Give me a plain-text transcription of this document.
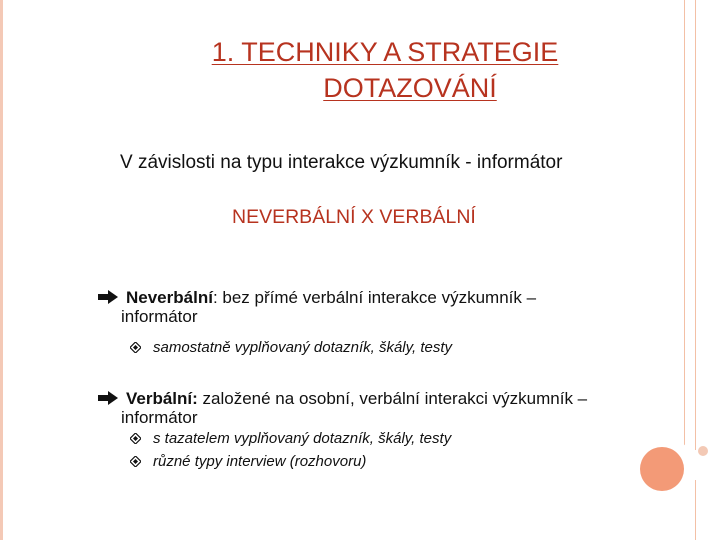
1. TECHNIKY A STRATEGIE
DOTAZOVÁNÍ
V závislosti na typu interakce výzkumník - informátor
NEVERBÁLNÍ X VERBÁLNÍ
Neverbální: bez přímé verbální interakce výzkumník –
informátor
samostatně vyplňovaný dotazník, škály, testy
Verbální: založené na osobní, verbální interakci výzkumník –
informátor
s tazatelem vyplňovaný dotazník, škály, testy
různé typy interview (rozhovoru)
